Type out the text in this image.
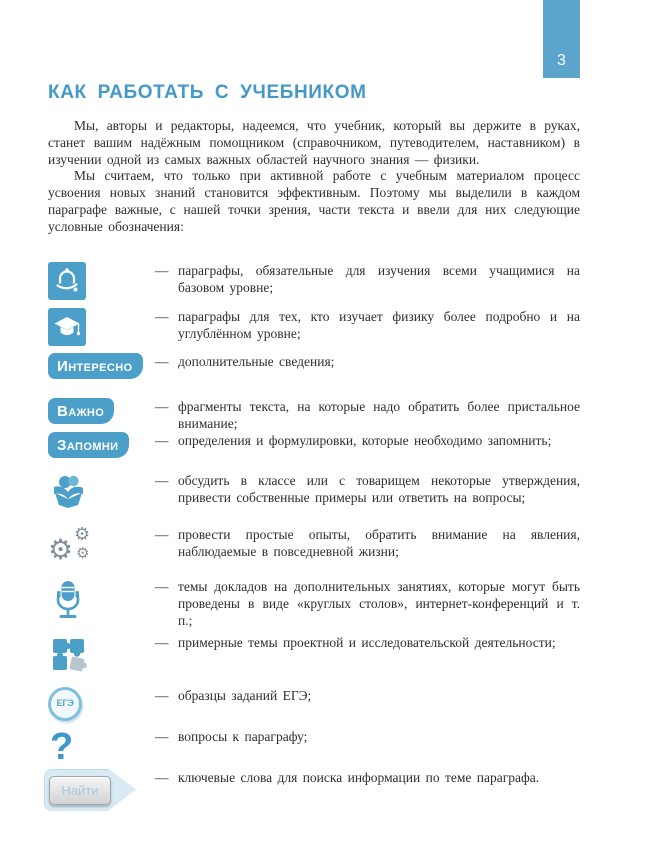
3
КАК РАБОТАТЬ С УЧЕБНИКОМ

Мы, авторы и редакторы, надеемся, что учебник, который вы держите в руках, станет вашим надёжным помощником (справочником, путеводителем, наставником) в изучении одной из самых важных областей научного знания — физики.

Мы считаем, что только при активной работе с учебным материалом процесс усвоения новых знаний становится эффективным. Поэтому мы выделили в каждом параграфе важные, с нашей точки зрения, части текста и ввели для них следующие условные обозначения:

— параграфы, обязательные для изучения всеми учащимися на базовом уровне;
— параграфы для тех, кто изучает физику более подробно и на углублённом уровне;
ИНТЕРЕСНО	— дополнительные сведения;
ВАЖНО	— фрагменты текста, на которые надо обратить более пристальное внимание;
ЗАПОМНИ	— определения и формулировки, которые необходимо запомнить;
— обсудить в классе или с товарищем некоторые утверждения, привести собственные примеры или ответить на вопросы;
⚙ ⚙
⚙
— провести простые опыты, обратить внимание на явления, наблюдаемые в повседневной жизни;
— темы докладов на дополнительных занятиях, которые могут быть проведены в виде «круглых столов», интернет-конференций и т. п.;
— примерные темы проектной и исследовательской деятельности;
ЕГЭ
— образцы заданий ЕГЭ;
?	— вопросы к параграфу;
Найти
— ключевые слова для поиска информации по теме параграфа.
